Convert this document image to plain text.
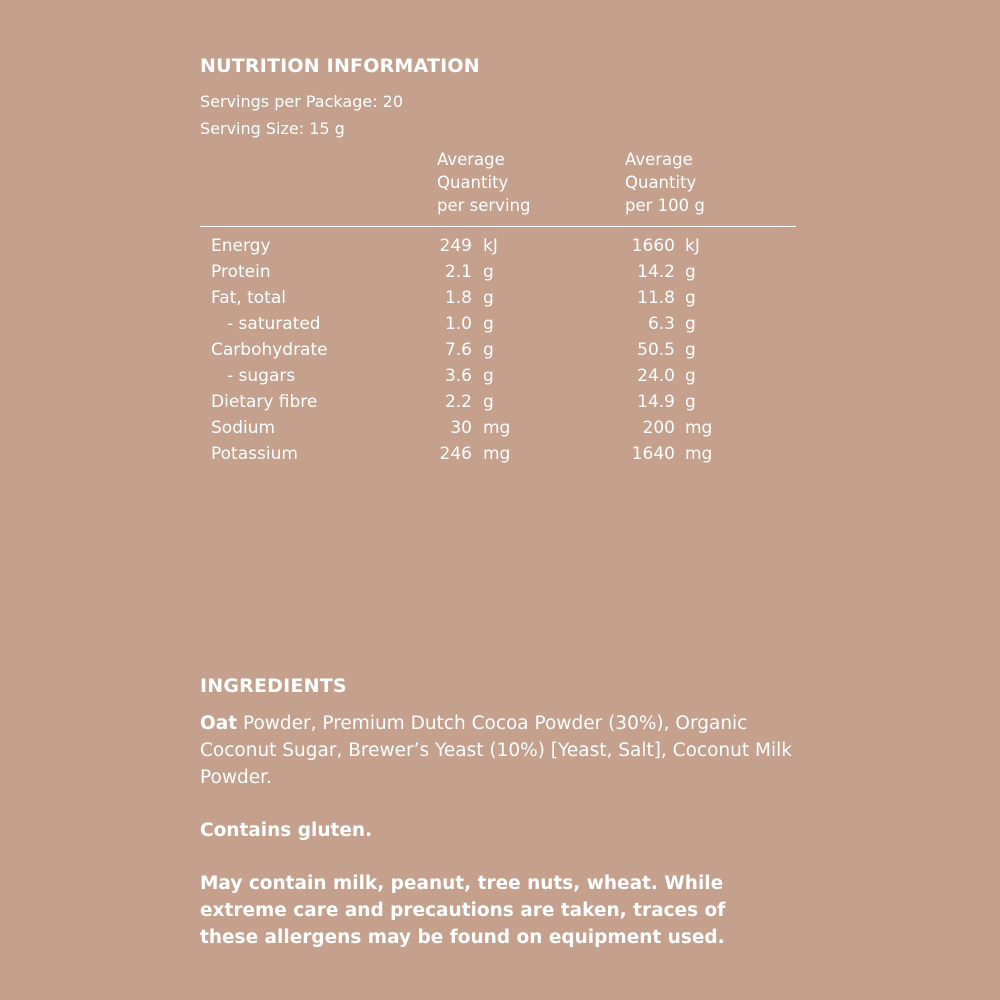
NUTRITION INFORMATION
Servings per Package: 20
Serving Size: 15 g
Average
Quantity
per serving
Average
Quantity
per 100 g
Energy	249 kJ	1660 kJ
Protein	2.1 g	14.2 g
Fat, total	1.8 g	11.8 g
- saturated	1.0 g	6.3 g
Carbohydrate	7.6 g	50.5 g
- sugars	3.6 g	24.0 g
Dietary fibre	2.2 g	14.9 g
Sodium	30 mg	200 mg
Potassium	246 mg	1640 mg
INGREDIENTS
Oat Powder, Premium Dutch Cocoa Powder (30%), Organic Coconut Sugar, Brewer’s Yeast (10%) [Yeast, Salt], Coconut Milk Powder.
Contains gluten.
May contain milk, peanut, tree nuts, wheat. While extreme care and precautions are taken, traces of these allergens may be found on equipment used.
